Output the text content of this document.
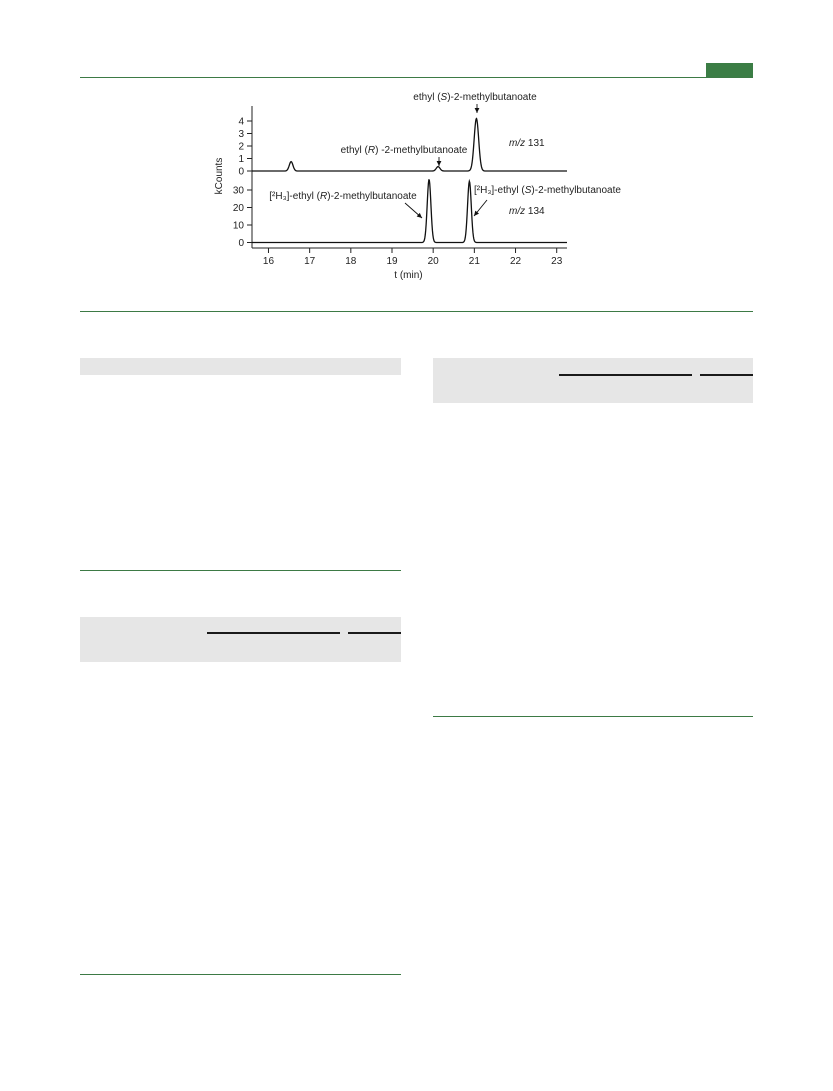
16	17	18	19	20	21	22	23
t (min)
kCounts 0
1
2
3
4
m/z 131
0
10
20
30
m/z 134
ethyl (S)-2-methylbutanoate
ethyl (R) -2-methylbutanoate
[²H₃]-ethyl (R)-2-methylbutanoate
[²H₃]-ethyl (S)-2-methylbutanoate
